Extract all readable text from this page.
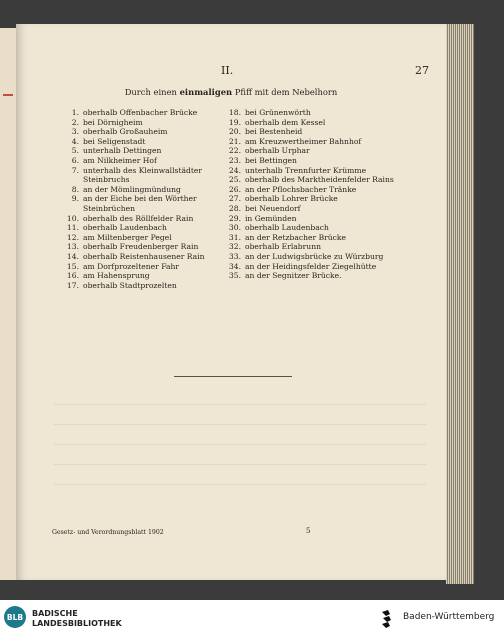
II.	27
Durch einen einmaligen Pfiff mit dem Nebelhorn
1. oberhalb Offenbacher Brücke
2. bei Dörnigheim
3. oberhalb Großauheim
4. bei Seligenstadt
5. unterhalb Dettingen
6. am Nilkheimer Hof
7. unterhalb des Kleinwallstädter Steinbruchs
8. an der Mömlingmündung
9. an der Eiche bei den Wörther Steinbrüchen
10. oberhalb des Röllfelder Rain
11. oberhalb Laudenbach
12. am Miltenberger Pegel
13. oberhalb Freudenberger Rain
14. oberhalb Reistenhausener Rain
15. am Dorfprozeltener Fahr
16. am Hahensprung
17. oberhalb Stadtprozelten
18. bei Grünenwörth
19. oberhalb dem Kessel
20. bei Bestenheid
21. am Kreuzwertheimer Bahnhof
22. oberhalb Urphar
23. bei Bettingen
24. unterhalb Trennfurter Krümme
25. oberhalb des Marktheidenfelder Rains
26. an der Pflochsbacher Tränke
27. oberhalb Lohrer Brücke
28. bei Neuendorf
29. in Gemünden
30. oberhalb Laudenbach
31. an der Retzbacher Brücke
32. oberhalb Erlabrunn
33. an der Ludwigsbrücke zu Würzburg
34. an der Heidingsfelder Ziegelhütte
35. an der Segnitzer Brücke.
Gesetz- und Verordnungsblatt 1902	5
BLB	BADISCHE
LANDESBIBLIOTHEK
Baden-Württemberg
